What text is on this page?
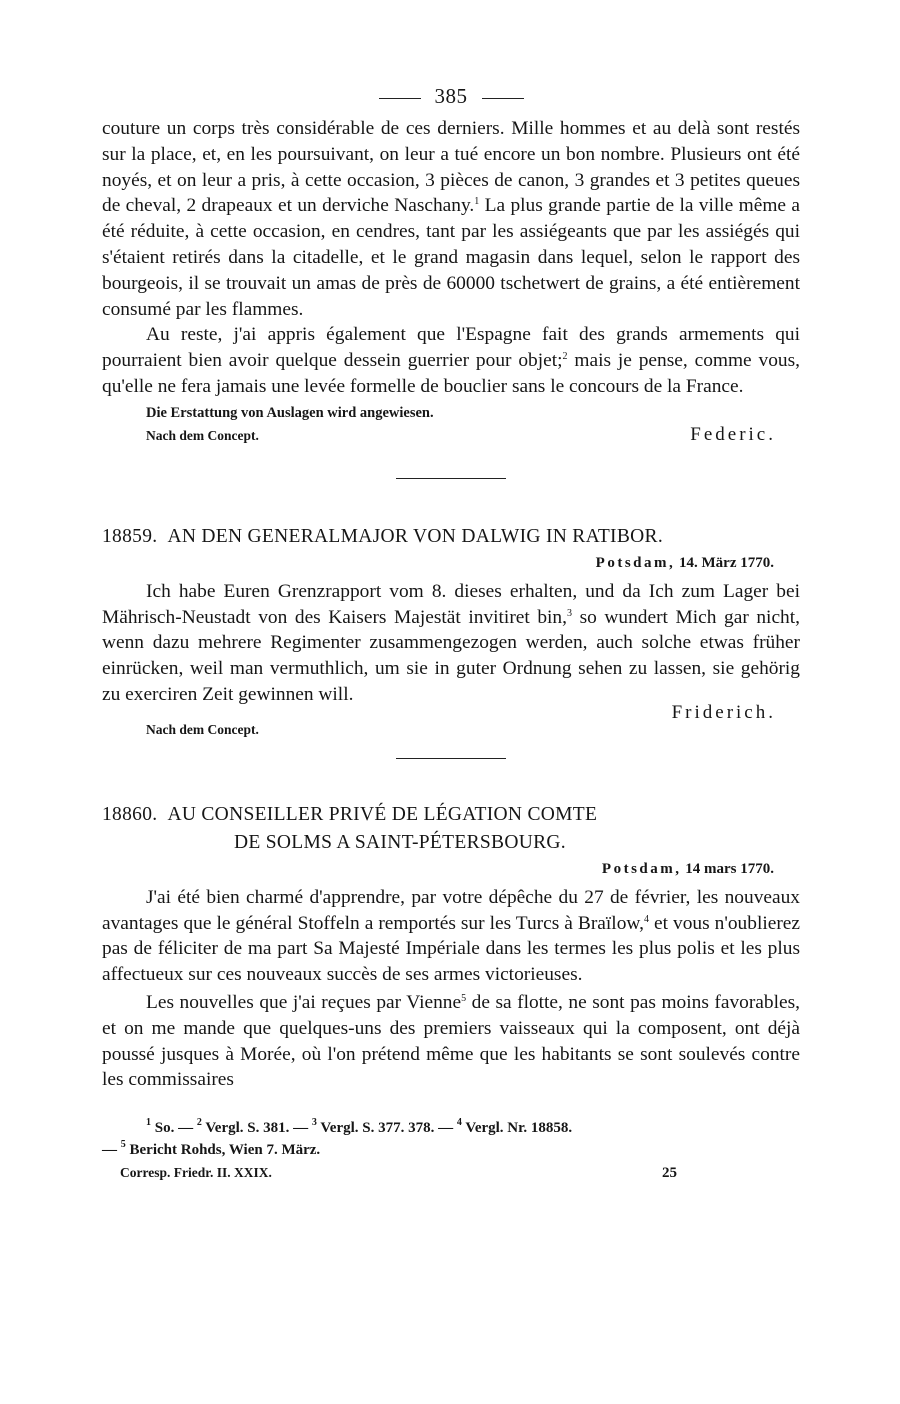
385

couture un corps très considérable de ces derniers. Mille hommes et au delà sont restés sur la place, et, en les poursuivant, on leur a tué encore un bon nombre. Plusieurs ont été noyés, et on leur a pris, à cette occasion, 3 pièces de canon, 3 grandes et 3 petites queues de cheval, 2 drapeaux et un derviche Naschany.$^1$ La plus grande partie de la ville même a été réduite, à cette occasion, en cendres, tant par les assiégeants que par les assiégés qui s'étaient retirés dans la citadelle, et le grand magasin dans lequel, selon le rapport des bourgeois, il se trouvait un amas de près de 60000 tschetwert de grains, a été entièrement consumé par les flammes.

Au reste, j'ai appris également que l'Espagne fait des grands armements qui pourraient bien avoir quelque dessein guerrier pour objet;$^2$ mais je pense, comme vous, qu'elle ne fera jamais une levée formelle de bouclier sans le concours de la France.

Die Erstattung von Auslagen wird angewiesen.
Nach dem Concept.	Federic.
18859. AN DEN GENERALMAJOR VON DALWIG IN RATIBOR.
Potsdam, 14. März 1770.

Ich habe Euren Grenzrapport vom 8. dieses erhalten, und da Ich zum Lager bei Mährisch-Neustadt von des Kaisers Majestät invitiret bin,$^3$ so wundert Mich gar nicht, wenn dazu mehrere Regimenter zusammengezogen werden, auch solche etwas früher einrücken, weil man vermuthlich, um sie in guter Ordnung sehen zu lassen, sie gehörig zu exerciren Zeit gewinnen will.

Nach dem Concept.
Friderich.
18860. AU CONSEILLER PRIVÉ DE LÉGATION COMTE
DE SOLMS A SAINT-PÉTERSBOURG.
Potsdam, 14 mars 1770.

J'ai été bien charmé d'apprendre, par votre dépêche du 27 de février, les nouveaux avantages que le général Stoffeln a remportés sur les Turcs à Braïlow,$^4$ et vous n'oublierez pas de féliciter de ma part Sa Majesté Impériale dans les termes les plus polis et les plus affectueux sur ces nouveaux succès de ses armes victorieuses.

Les nouvelles que j'ai reçues par Vienne$^5$ de sa flotte, ne sont pas moins favorables, et on me mande que quelques-uns des premiers vaisseaux qui la composent, ont déjà poussé jusques à Morée, où l'on prétend même que les habitants se sont soulevés contre les commissaires

$^1$ So. — $^2$ Vergl. S. 381. — $^3$ Vergl. S. 377. 378. — $^4$ Vergl. Nr. 18858.
— $^5$ Bericht Rohds, Wien 7. März.
Corresp. Friedr. II. XXIX.	25
